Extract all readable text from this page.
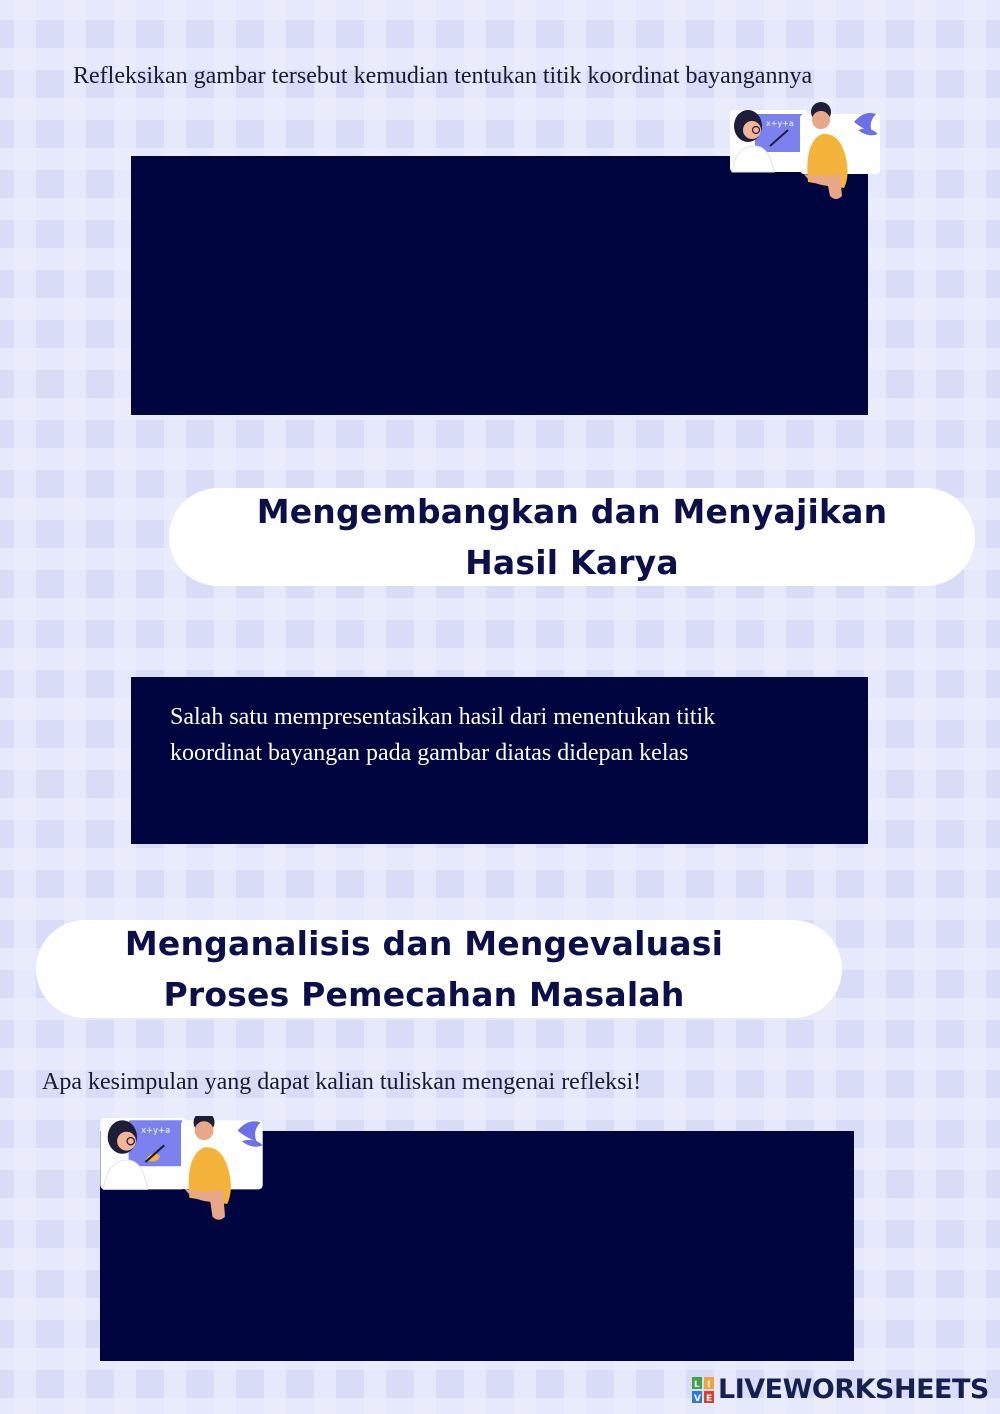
Refleksikan gambar tersebut kemudian tentukan titik koordinat bayangannya
x+y+a
Mengembangkan dan Menyajikan
Hasil Karya
Salah satu mempresentasikan hasil dari menentukan titik koordinat bayangan pada gambar diatas didepan kelas
Menganalisis dan Mengevaluasi
Proses Pemecahan Masalah
Apa kesimpulan yang dapat kalian tuliskan mengenai refleksi!
x+y+a
L I
V E LIVEWORKSHEETS
